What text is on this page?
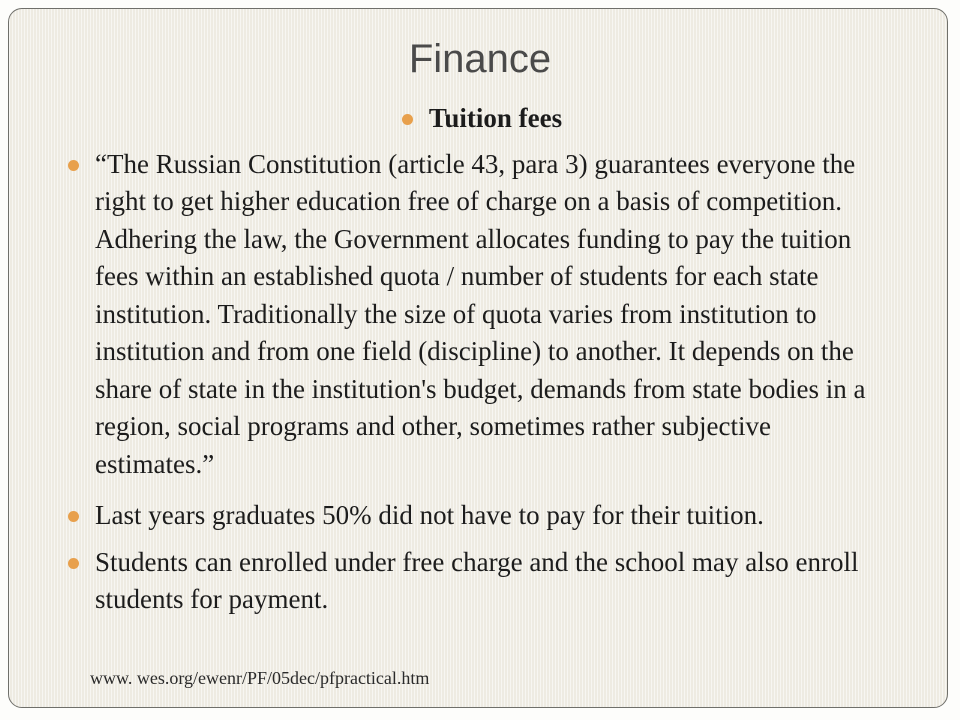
Finance
Tuition fees
“The Russian Constitution (article 43, para 3) guarantees everyone the right to get higher education free of charge on a basis of competition. Adhering the law, the Government allocates funding to pay the tuition fees within an established quota / number of students for each state institution. Traditionally the size of quota varies from institution to institution and from one field (discipline) to another. It depends on the share of state in the institution's budget, demands from state bodies in a region, social programs and other, sometimes rather subjective estimates.”
Last years graduates 50% did not have to pay for their tuition.
Students can enrolled under free charge and the school may also enroll students for payment.
www. wes.org/ewenr/PF/05dec/pfpractical.htm
